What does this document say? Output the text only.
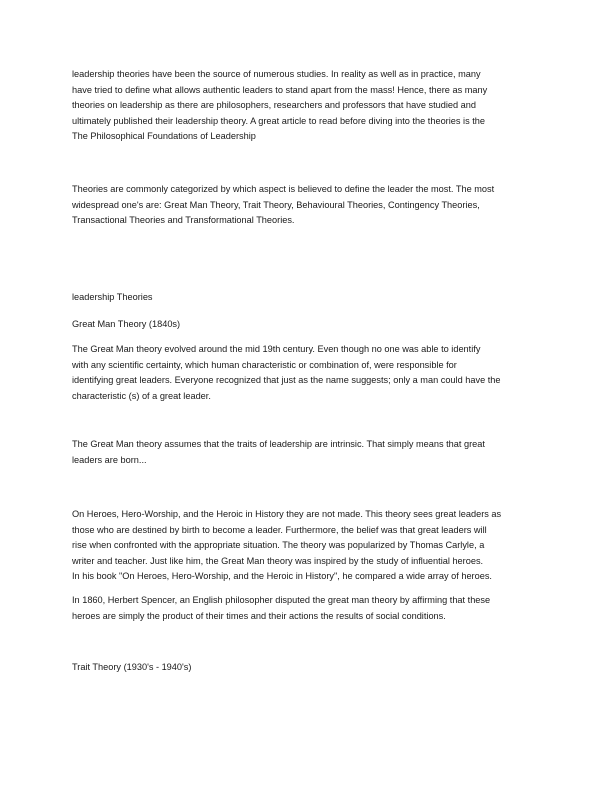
leadership theories have been the source of numerous studies. In reality as well as in practice, many
have tried to define what allows authentic leaders to stand apart from the mass! Hence, there as many
theories on leadership as there are philosophers, researchers and professors that have studied and
ultimately published their leadership theory. A great article to read before diving into the theories is the
The Philosophical Foundations of Leadership
Theories are commonly categorized by which aspect is believed to define the leader the most. The most
widespread one's are: Great Man Theory, Trait Theory, Behavioural Theories, Contingency Theories,
Transactional Theories and Transformational Theories.
leadership Theories
Great Man Theory (1840s)
The Great Man theory evolved around the mid 19th century. Even though no one was able to identify
with any scientific certainty, which human characteristic or combination of, were responsible for
identifying great leaders. Everyone recognized that just as the name suggests; only a man could have the
characteristic (s) of a great leader.
The Great Man theory assumes that the traits of leadership are intrinsic. That simply means that great
leaders are born...
On Heroes, Hero-Worship, and the Heroic in History they are not made. This theory sees great leaders as
those who are destined by birth to become a leader. Furthermore, the belief was that great leaders will
rise when confronted with the appropriate situation. The theory was popularized by Thomas Carlyle, a
writer and teacher. Just like him, the Great Man theory was inspired by the study of influential heroes.
In his book "On Heroes, Hero-Worship, and the Heroic in History", he compared a wide array of heroes.
In 1860, Herbert Spencer, an English philosopher disputed the great man theory by affirming that these
heroes are simply the product of their times and their actions the results of social conditions.
Trait Theory (1930's - 1940's)
